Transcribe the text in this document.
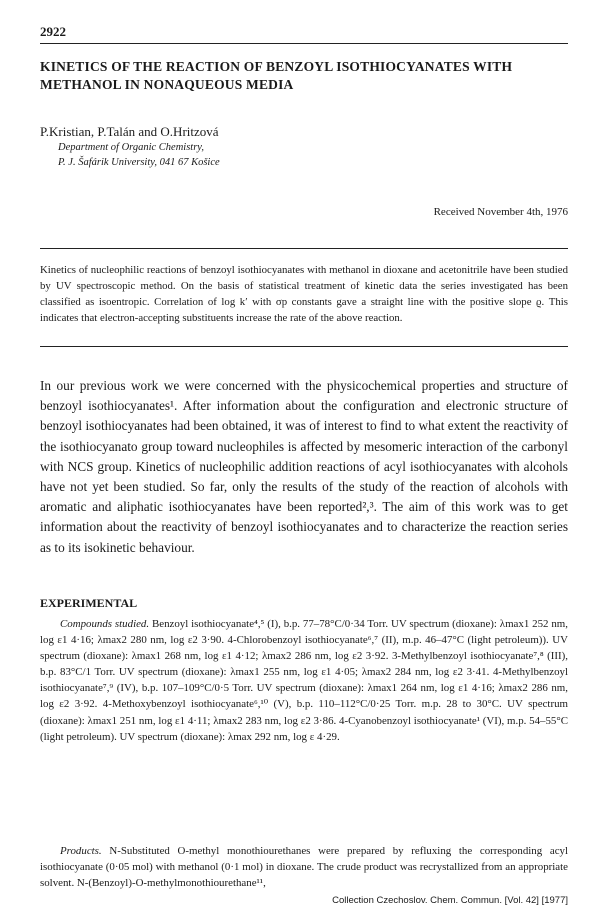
2922
KINETICS OF THE REACTION OF BENZOYL ISOTHIOCYANATES WITH METHANOL IN NONAQUEOUS MEDIA
P.Kristian, P.Talán and O.Hritzová
Department of Organic Chemistry,
P. J. Šafárik University, 041 67 Košice
Received November 4th, 1976
Kinetics of nucleophilic reactions of benzoyl isothiocyanates with methanol in dioxane and acetonitrile have been studied by UV spectroscopic method. On the basis of statistical treatment of kinetic data the series investigated has been classified as isoentropic. Correlation of log k′ with σp constants gave a straight line with the positive slope ϱ. This indicates that electron-accepting substituents increase the rate of the above reaction.
In our previous work we were concerned with the physicochemical properties and structure of benzoyl isothiocyanates¹. After information about the configuration and electronic structure of benzoyl isothiocyanates had been obtained, it was of interest to find to what extent the reactivity of the isothiocyanato group toward nucleophiles is affected by mesomeric interaction of the carbonyl with NCS group. Kinetics of nucleophilic addition reactions of acyl isothiocyanates with alcohols have not yet been studied. So far, only the results of the study of the reaction of alcohols with aromatic and aliphatic isothiocyanates have been reported²,³. The aim of this work was to get information about the reactivity of benzoyl isothiocyanates and to characterize the reaction series as to its isokinetic behaviour.
EXPERIMENTAL

Compounds studied. Benzoyl isothiocyanate⁴,⁵ (I), b.p. 77–78°C/0·34 Torr. UV spectrum (dioxane): λmax1 252 nm, log ε1 4·16; λmax2 280 nm, log ε2 3·90. 4-Chlorobenzoyl isothiocyanate⁶,⁷ (II), m.p. 46–47°C (light petroleum)). UV spectrum (dioxane): λmax1 268 nm, log ε1 4·12; λmax2 286 nm, log ε2 3·92. 3-Methylbenzoyl isothiocyanate⁷,⁸ (III), b.p. 83°C/1 Torr. UV spectrum (dioxane): λmax1 255 nm, log ε1 4·05; λmax2 284 nm, log ε2 3·41. 4-Methylbenzoyl isothiocyanate⁷,⁹ (IV), b.p. 107–109°C/0·5 Torr. UV spectrum (dioxane): λmax1 264 nm, log ε1 4·16; λmax2 286 nm, log ε2 3·92. 4-Methoxybenzoyl isothiocyanate⁶,¹⁰ (V), b.p. 110–112°C/0·25 Torr. m.p. 28 to 30°C. UV spectrum (dioxane): λmax1 251 nm, log ε1 4·11; λmax2 283 nm, log ε2 3·86. 4-Cyanobenzoyl isothiocyanate¹ (VI), m.p. 54–55°C (light petroleum). UV spectrum (dioxane): λmax 292 nm, log ε 4·29.

Products. N-Substituted O-methyl monothiourethanes were prepared by refluxing the corresponding acyl isothiocyanate (0·05 mol) with methanol (0·1 mol) in dioxane. The crude product was recrystallized from an appropriate solvent. N-(Benzoyl)-O-methylmonothiourethane¹¹,

Collection Czechoslov. Chem. Commun. [Vol. 42] [1977]
